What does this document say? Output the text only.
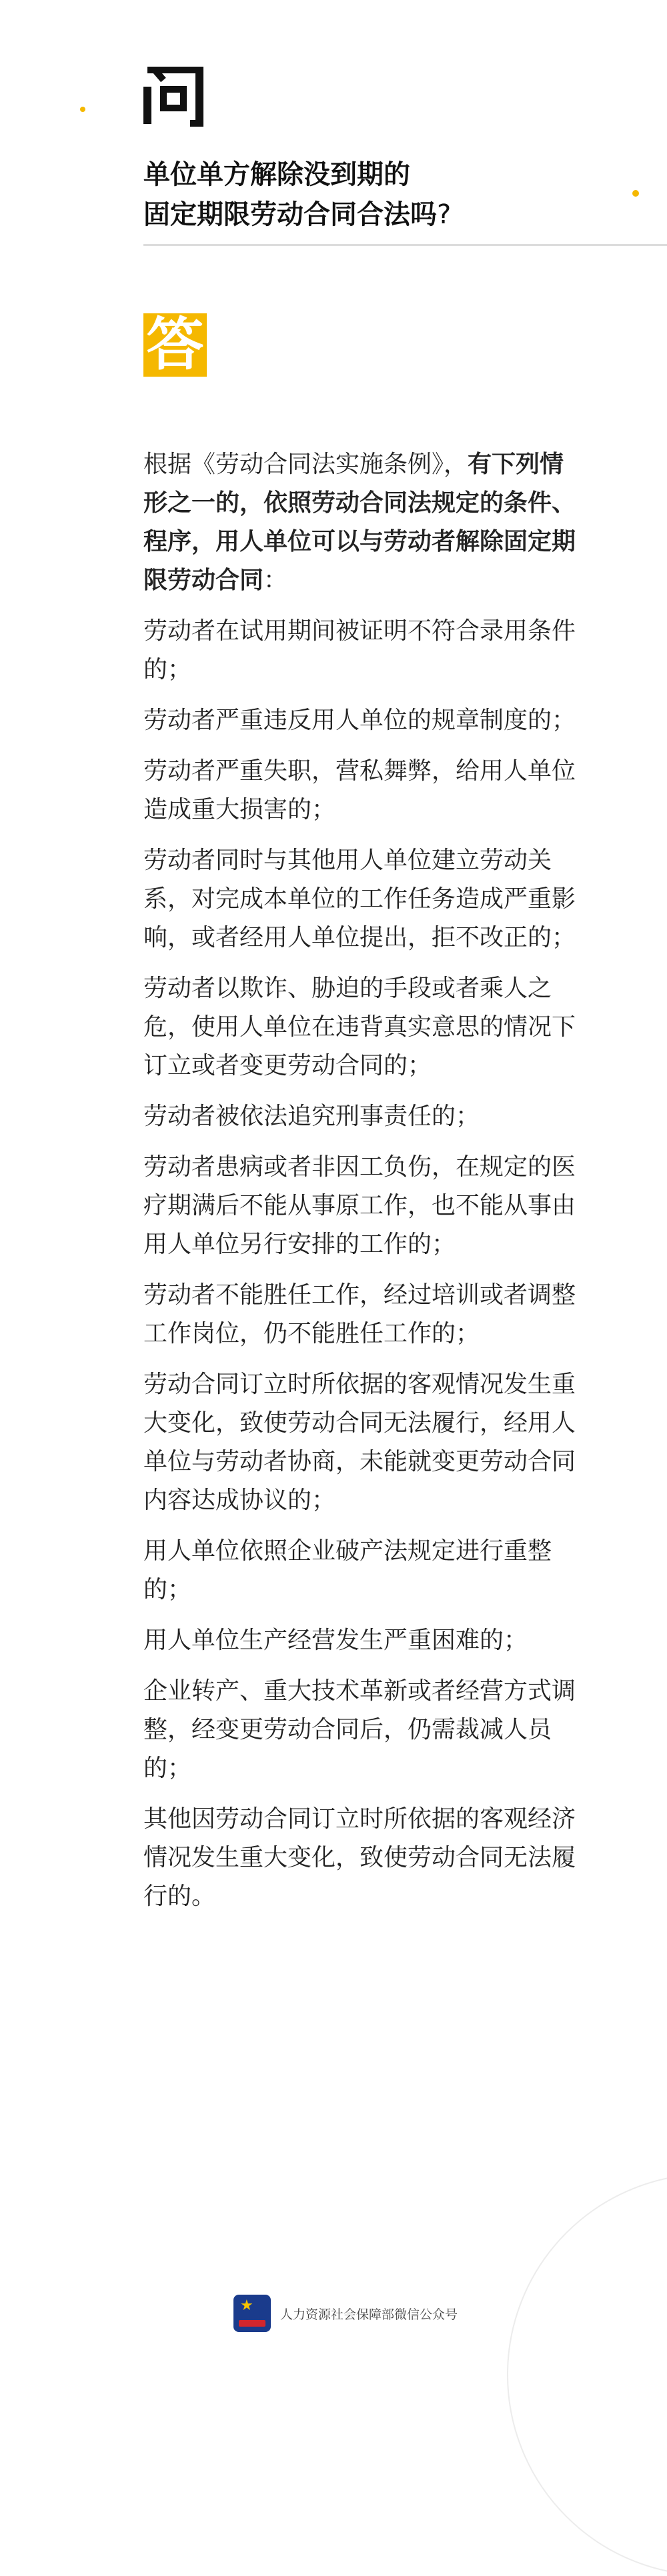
单位单方解除没到期的
固定期限劳动合同合法吗?
答

根据《劳动合同法实施条例》，有下列情形之一的，依照劳动合同法规定的条件、程序，用人单位可以与劳动者解除固定期限劳动合同：

劳动者在试用期间被证明不符合录用条件的；

劳动者严重违反用人单位的规章制度的；

劳动者严重失职，营私舞弊，给用人单位造成重大损害的；

劳动者同时与其他用人单位建立劳动关系，对完成本单位的工作任务造成严重影响，或者经用人单位提出，拒不改正的；

劳动者以欺诈、胁迫的手段或者乘人之危，使用人单位在违背真实意思的情况下订立或者变更劳动合同的；

劳动者被依法追究刑事责任的；

劳动者患病或者非因工负伤，在规定的医疗期满后不能从事原工作，也不能从事由用人单位另行安排的工作的；

劳动者不能胜任工作，经过培训或者调整工作岗位，仍不能胜任工作的；

劳动合同订立时所依据的客观情况发生重大变化，致使劳动合同无法履行，经用人单位与劳动者协商，未能就变更劳动合同内容达成协议的；

用人单位依照企业破产法规定进行重整的；

用人单位生产经营发生严重困难的；

企业转产、重大技术革新或者经营方式调整，经变更劳动合同后，仍需裁减人员的；

其他因劳动合同订立时所依据的客观经济情况发生重大变化，致使劳动合同无法履行的。

★
人力资源社会保障部微信公众号
